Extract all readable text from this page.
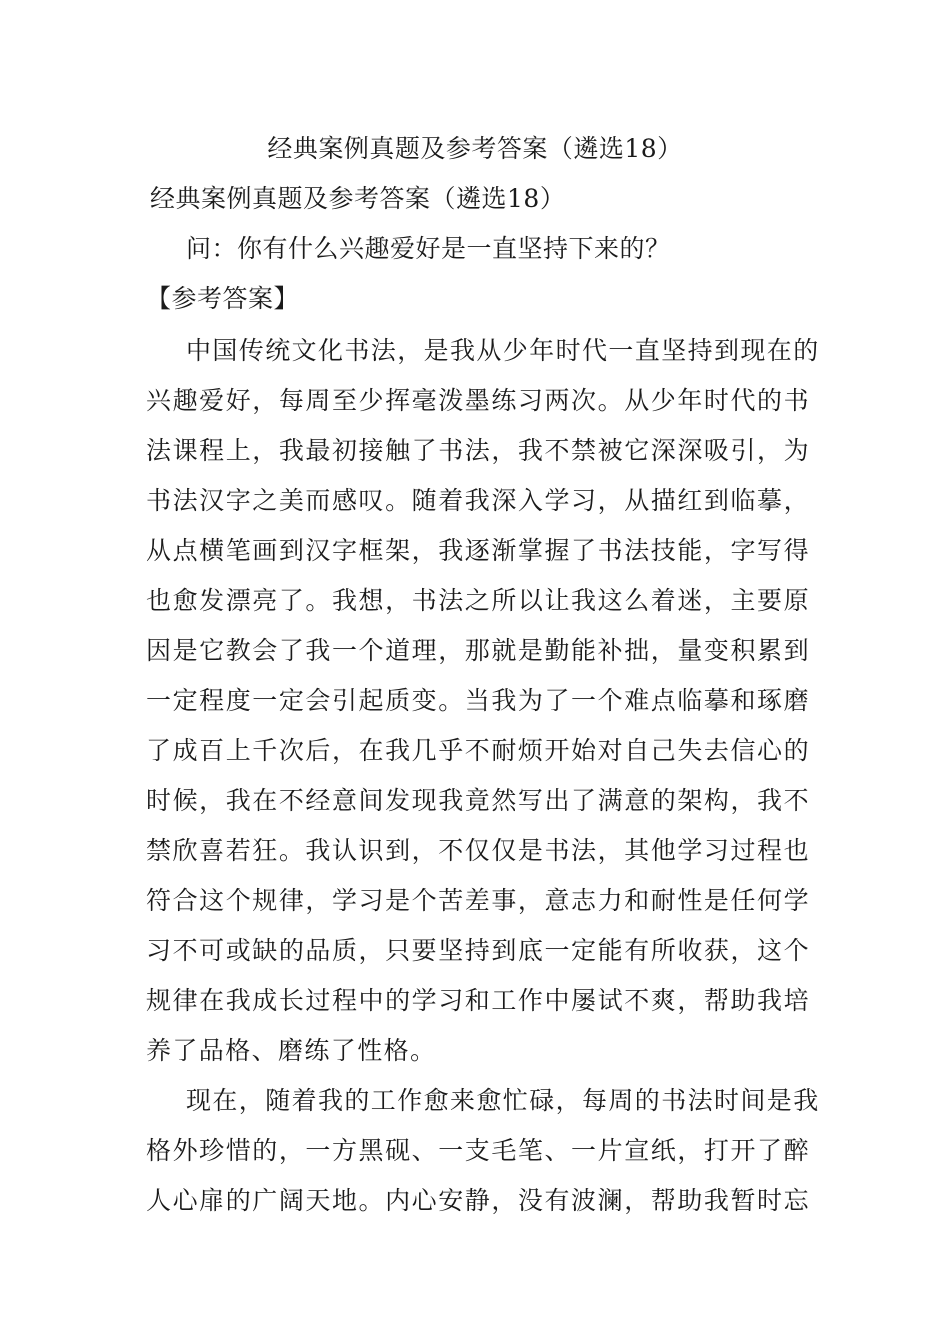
经典案例真题及参考答案（遴选18）
经典案例真题及参考答案（遴选18）
问：你有什么兴趣爱好是一直坚持下来的？
【参考答案】
中国传统文化书法，是我从少年时代一直坚持到现在的
兴趣爱好，每周至少挥毫泼墨练习两次。从少年时代的书
法课程上，我最初接触了书法，我不禁被它深深吸引，为
书法汉字之美而感叹。随着我深入学习，从描红到临摹，
从点横笔画到汉字框架，我逐渐掌握了书法技能，字写得
也愈发漂亮了。我想，书法之所以让我这么着迷，主要原
因是它教会了我一个道理，那就是勤能补拙，量变积累到
一定程度一定会引起质变。当我为了一个难点临摹和琢磨
了成百上千次后，在我几乎不耐烦开始对自己失去信心的
时候，我在不经意间发现我竟然写出了满意的架构，我不
禁欣喜若狂。我认识到，不仅仅是书法，其他学习过程也
符合这个规律，学习是个苦差事，意志力和耐性是任何学
习不可或缺的品质，只要坚持到底一定能有所收获，这个
规律在我成长过程中的学习和工作中屡试不爽，帮助我培
养了品格、磨练了性格。
现在，随着我的工作愈来愈忙碌，每周的书法时间是我
格外珍惜的，一方黑砚、一支毛笔、一片宣纸，打开了醉
人心扉的广阔天地。内心安静，没有波澜，帮助我暂时忘
